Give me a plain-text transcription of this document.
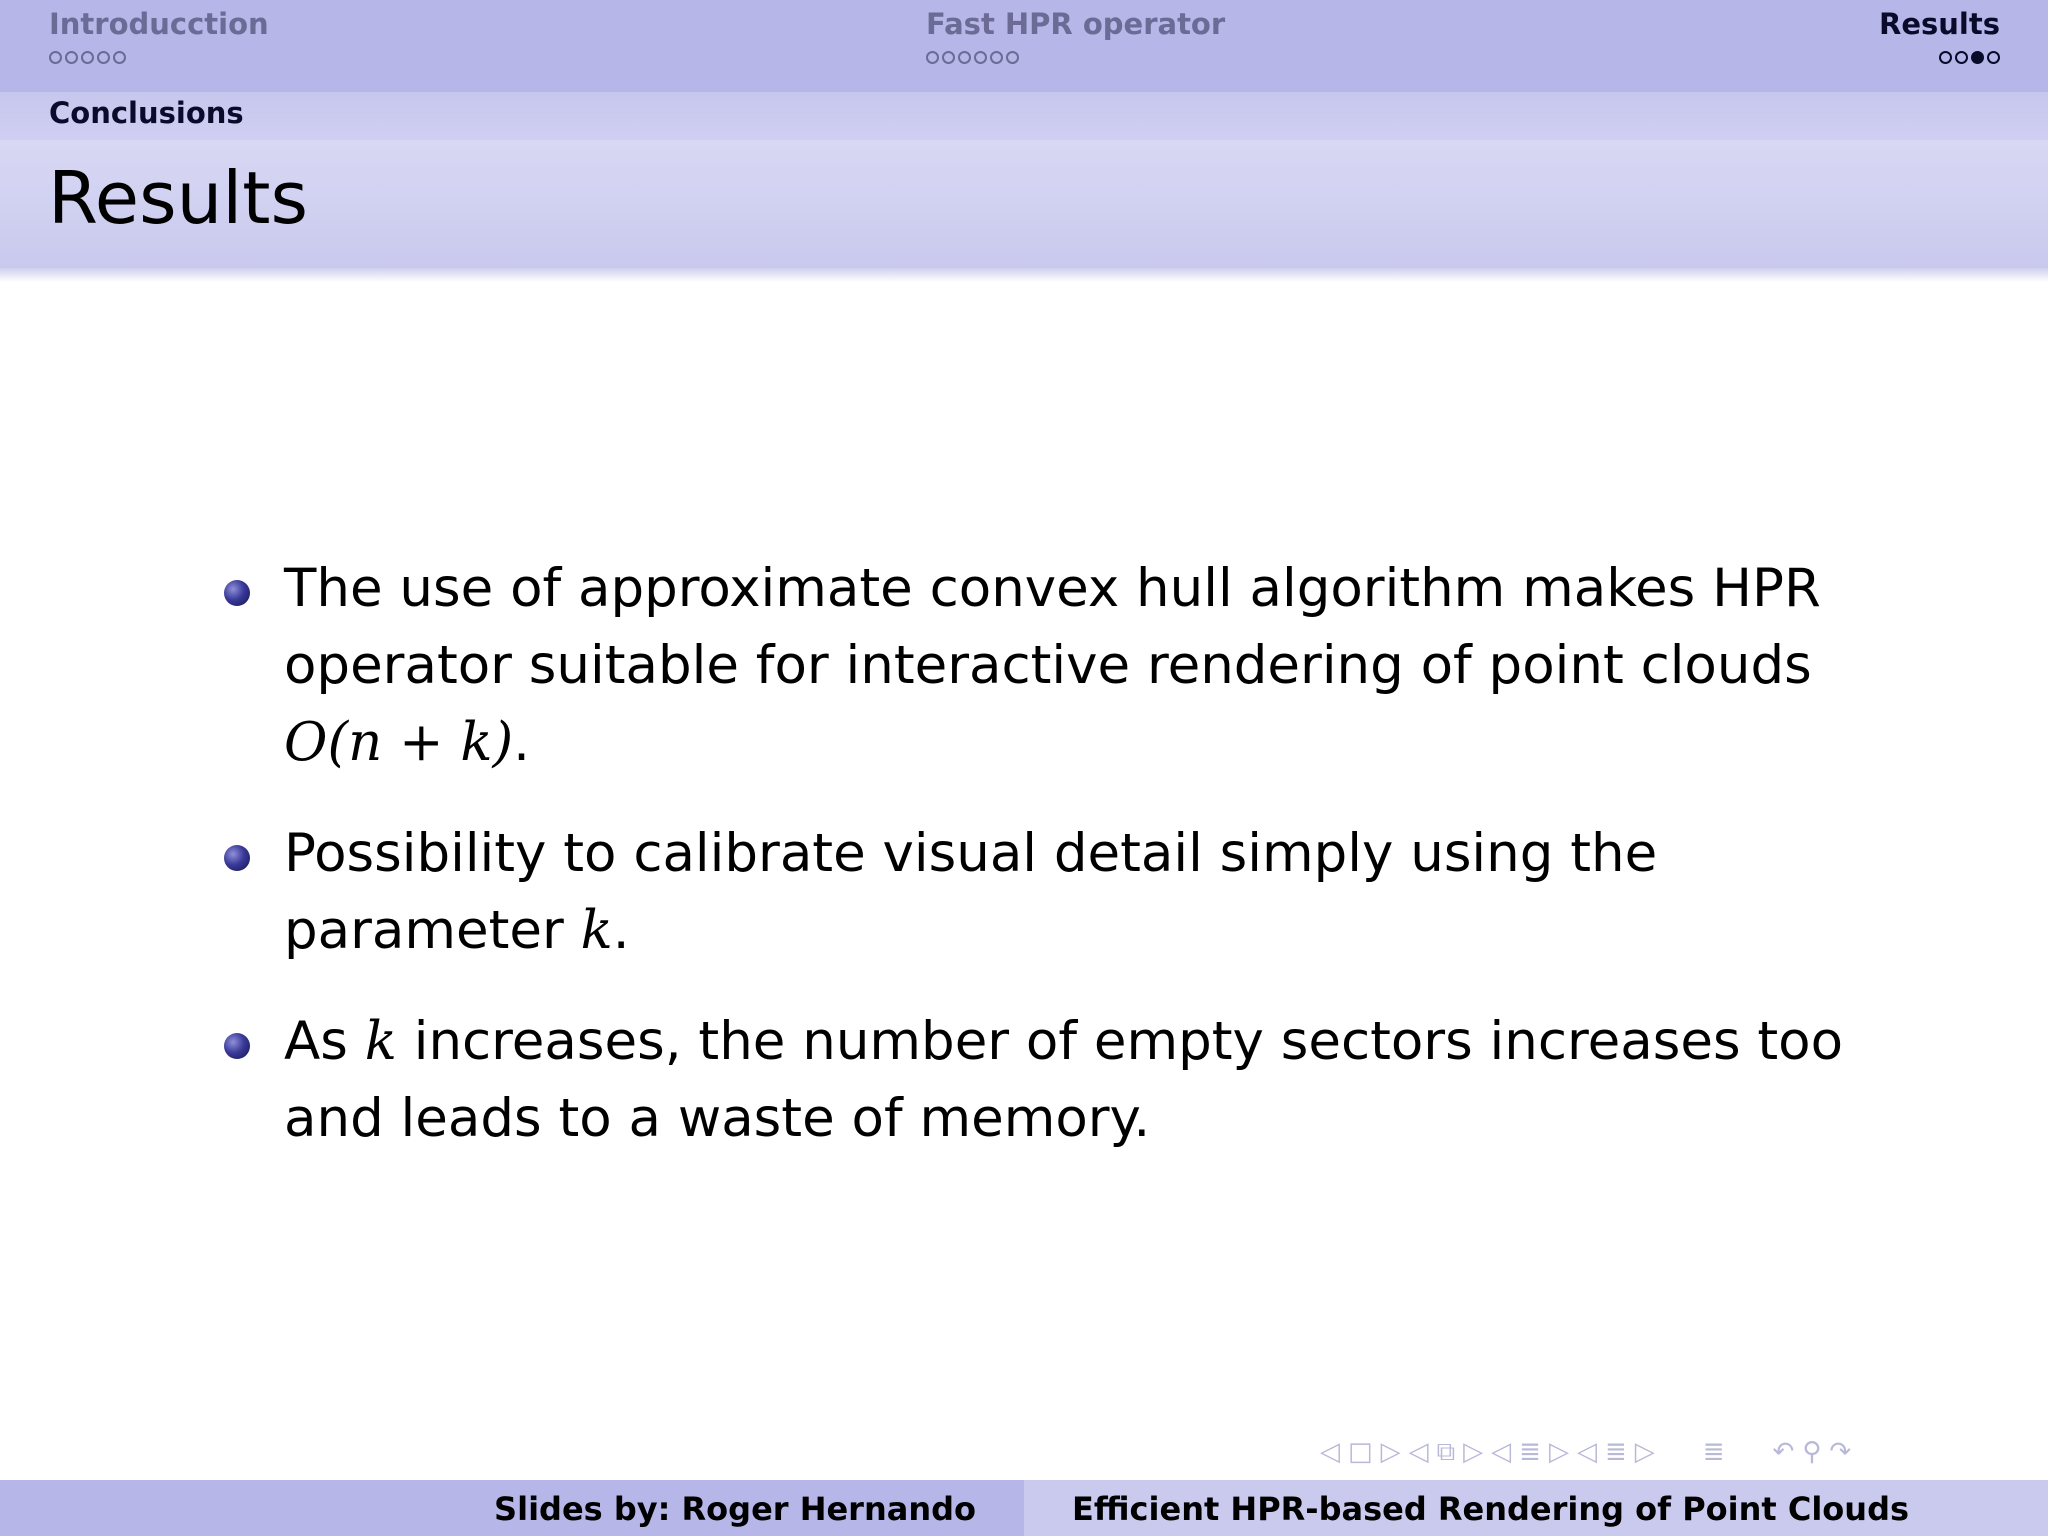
Introducction	Fast HPR operator	Results
Conclusions
Results
The use of approximate convex hull algorithm makes HPR operator suitable for interactive rendering of point clouds O(n + k).
Possibility to calibrate visual detail simply using the parameter k.
As k increases, the number of empty sectors increases too and leads to a waste of memory.
◁ □ ▷ ◁ ⧉ ▷ ◁ ≣ ▷ ◁ ≣ ▷ ≣ ↶ ⚲ ↷
Slides by: Roger Hernando	Efficient HPR-based Rendering of Point Clouds
